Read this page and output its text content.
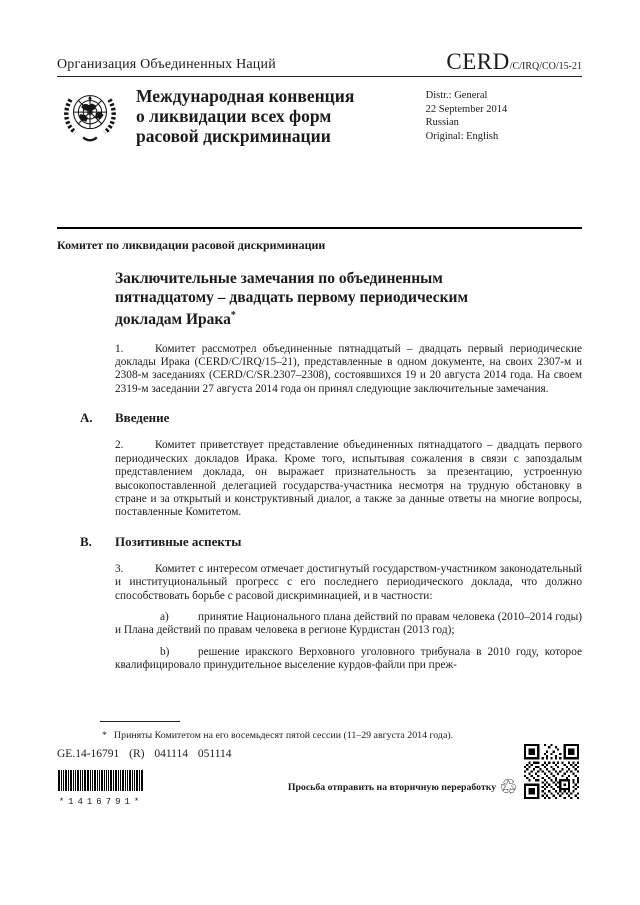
Организация Объединенных Наций	CERD/C/IRQ/CO/15-21
Международная конвенция
о ликвидации всех форм
расовой дискриминации
Distr.: General
22 September 2014
Russian
Original: English
Комитет по ликвидации расовой дискриминации
Заключительные замечания по объединенным
пятнадцатому – двадцать первому периодическим
докладам Ирака*

1.	Комитет рассмотрел объединенные пятнадцатый – двадцать первый периодические доклады Ирака (CERD/C/IRQ/15–21), представленные в одном документе, на своих 2307-м и 2308-м заседаниях (CERD/C/SR.2307–2308), состоявшихся 19 и 20 августа 2014 года. На своем 2319-м заседании 27 августа 2014 года он принял следующие заключительные замечания.

A.	Введение

2.	Комитет приветствует представление объединенных пятнадцатого – двадцать первого периодических докладов Ирака. Кроме того, испытывая сожаления в связи с запоздалым представлением доклада, он выражает признательность за презентацию, устроенную высокопоставленной делегацией государства-участника несмотря на трудную обстановку в стране и за открытый и конструктивный диалог, а также за данные ответы на многие вопросы, поставленные Комитетом.

B.	Позитивные аспекты

3.	Комитет с интересом отмечает достигнутый государством-участником законодательный и институциональный прогресс с его последнего периодического доклада, что должно способствовать борьбе с расовой дискриминацией, и в частности:

a)	принятие Национального плана действий по правам человека (2010–2014 годы) и Плана действий по правам человека в регионе Курдистан (2013 год);

b)	решение иракского Верховного уголовного трибунала в 2010 году, которое квалифицировало принудительное выселение курдов-файли при преж-

* Приняты Комитетом на его восемьдесят пятой сессии (11–29 августа 2014 года).
GE.14-16791 (R) 041114 051114
*1416791*
Просьба отправить на вторичную переработку ♲
